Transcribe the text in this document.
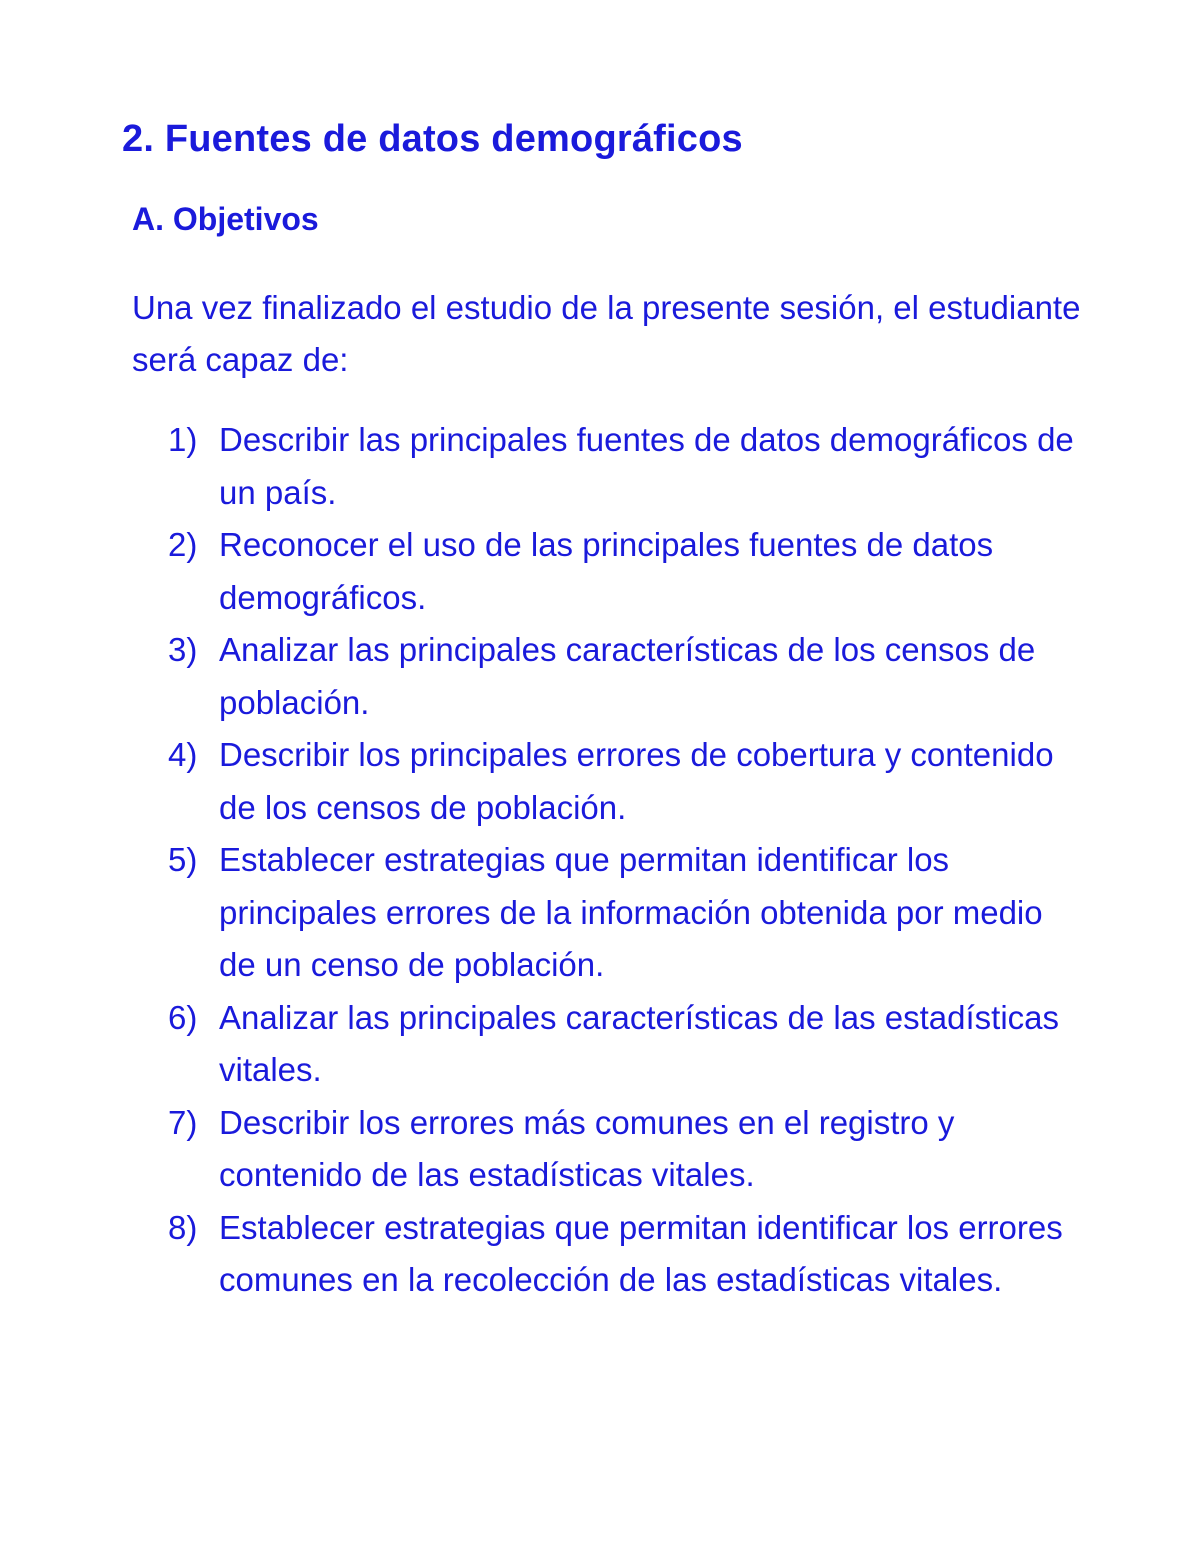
2. Fuentes de datos demográficos
A. Objetivos
Una vez finalizado el estudio de la presente sesión, el estudiante será capaz de:
1) Describir las principales fuentes de datos demográficos de un país.
2) Reconocer el uso de las principales fuentes de datos demográficos.
3) Analizar las principales características de los censos de población.
4) Describir los principales errores de cobertura y contenido de los censos de población.
5) Establecer estrategias que permitan identificar los principales errores de la información obtenida por medio de un censo de población.
6) Analizar las principales características de las estadísticas vitales.
7) Describir los errores más comunes en el registro y contenido de las estadísticas vitales.
8) Establecer estrategias que permitan identificar los errores comunes en la recolección de las estadísticas vitales.
